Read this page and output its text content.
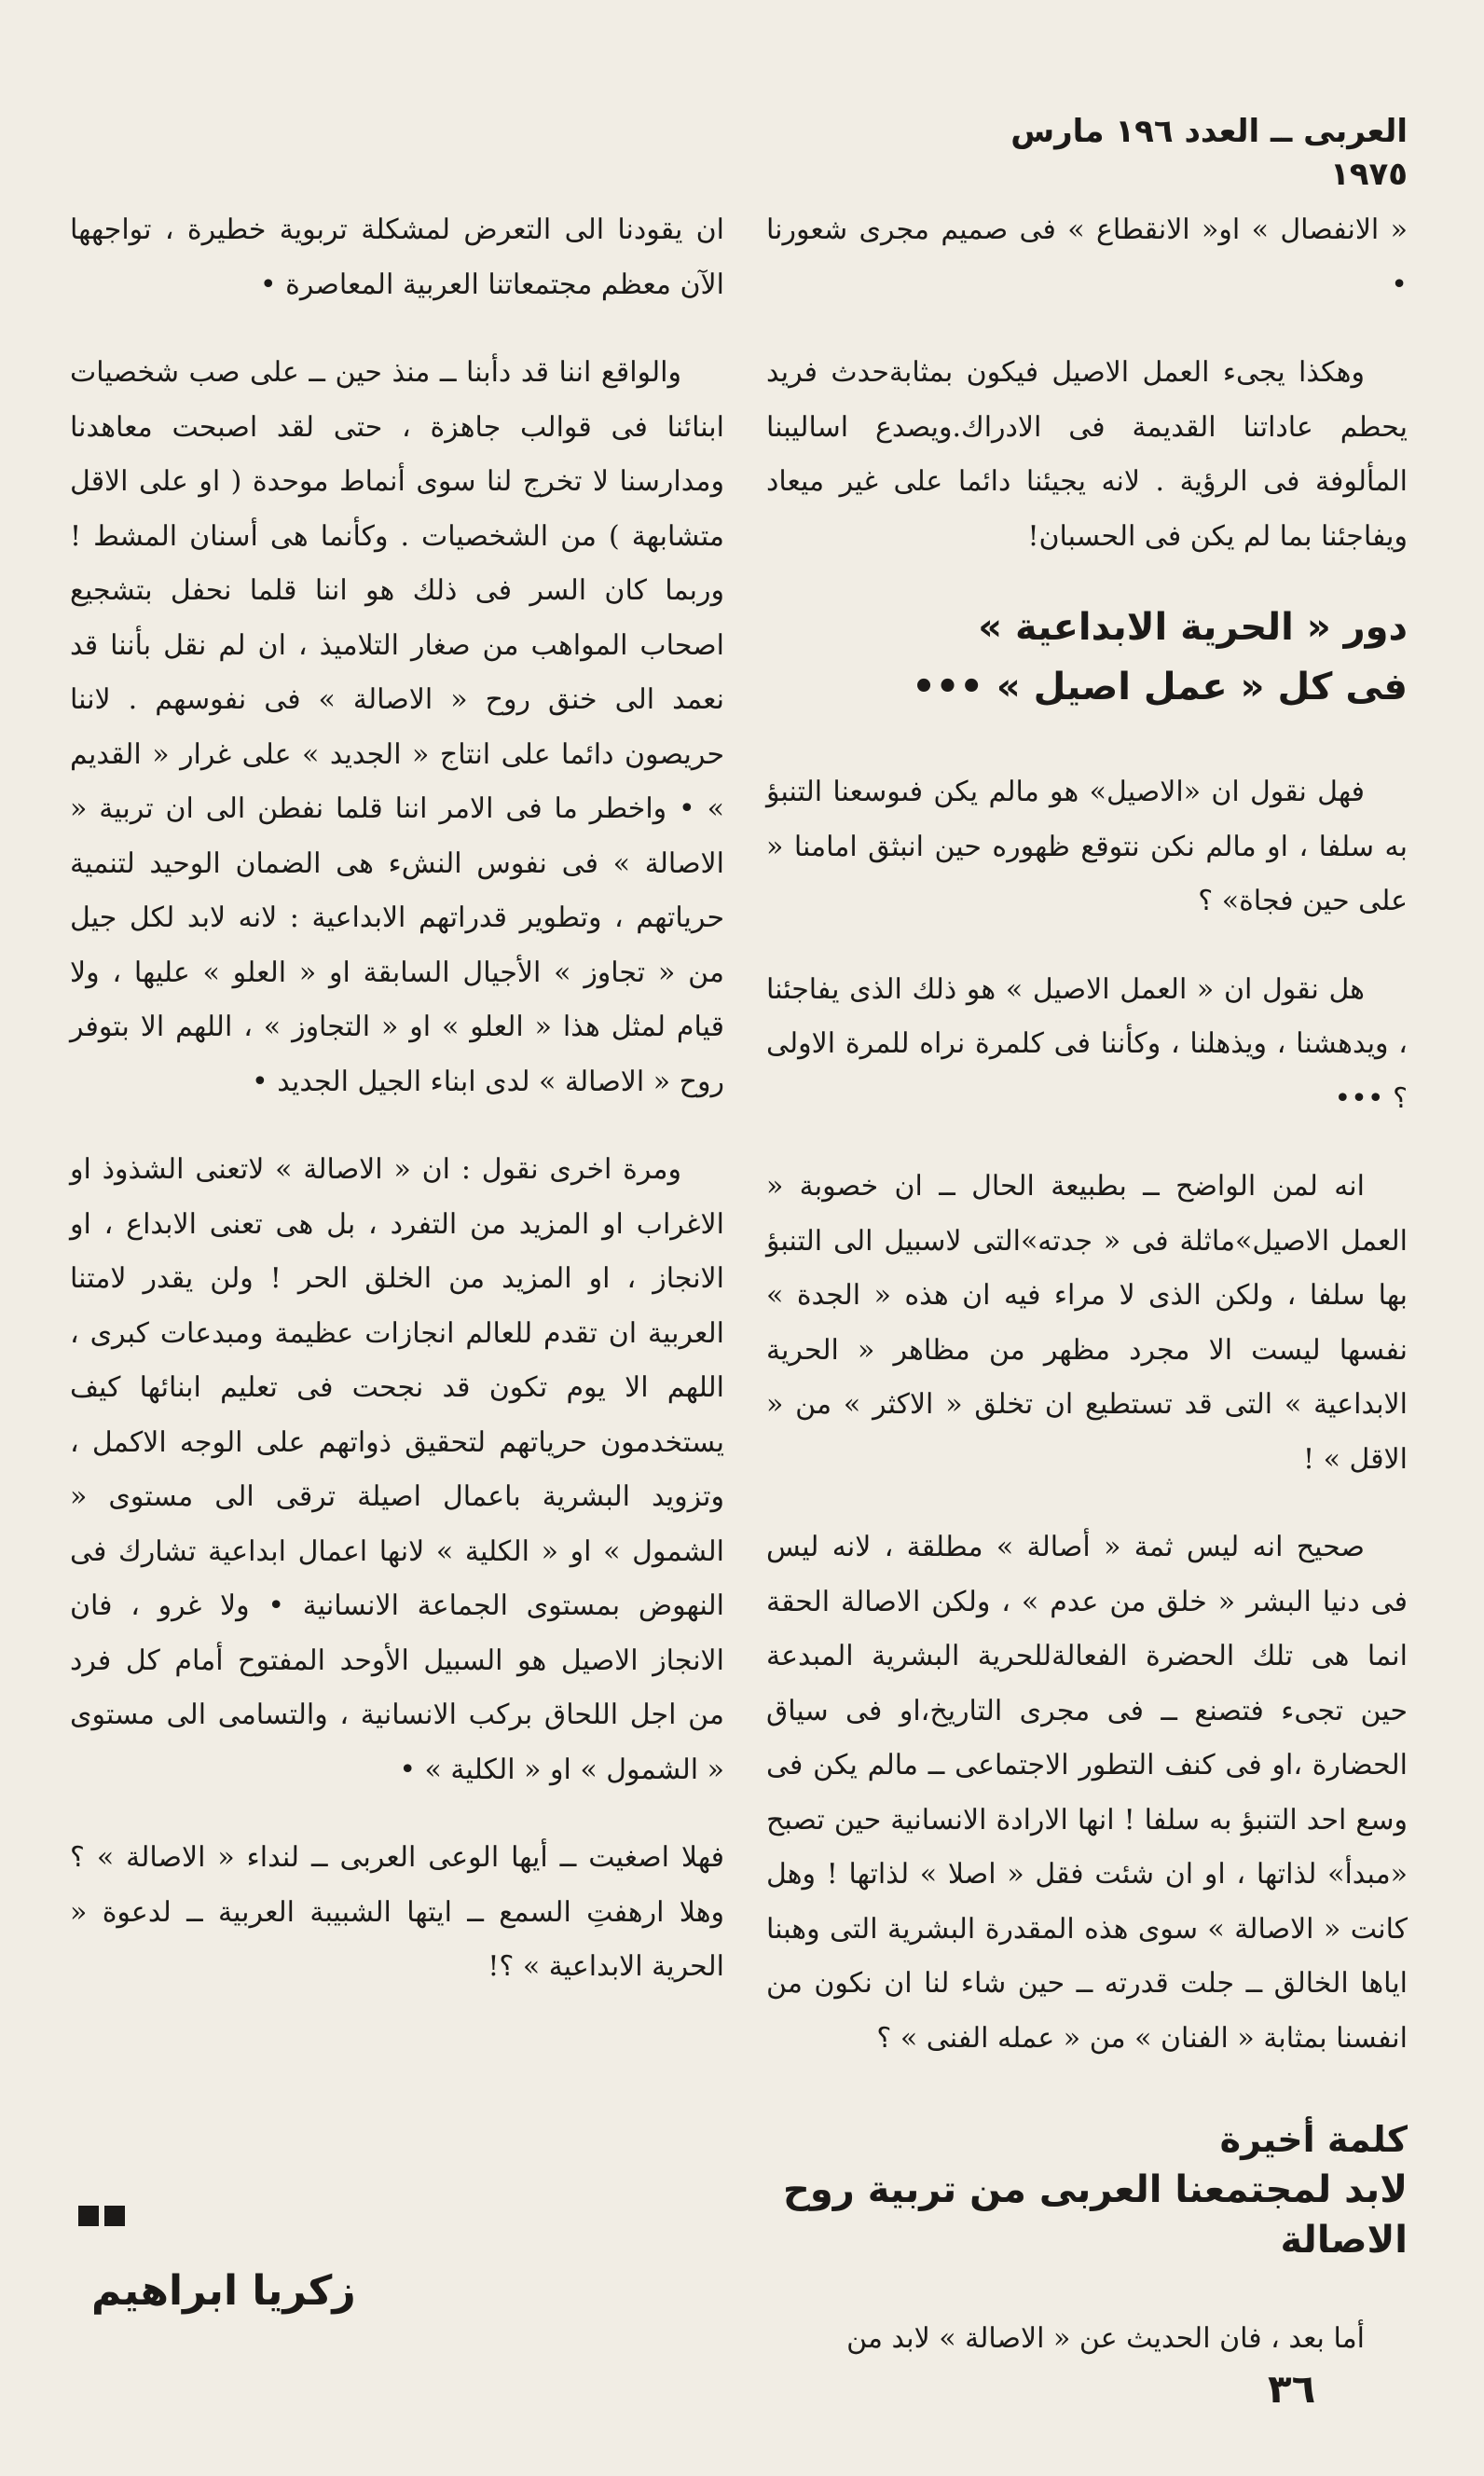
العربى ــ العدد ١٩٦ مارس ١٩٧٥

« الانفصال » او« الانقطاع » فى صميم مجرى شعورنا •

وهكذا يجىء العمل الاصيل فيكون بمثابةحدث فريد يحطم عاداتنا القديمة فى الادراك.ويصدع اساليبنا المألوفة فى الرؤية . لانه يجيئنا دائما على غير ميعاد ويفاجئنا بما لم يكن فى الحسبان!

دور « الحرية الابداعية »
فى كل « عمل اصيل » •••

فهل نقول ان «الاصيل» هو مالم يكن فىوسعنا التنبؤ به سلفا ، او مالم نكن نتوقع ظهوره حين انبثق امامنا « على حين فجاة» ؟

هل نقول ان « العمل الاصيل » هو ذلك الذى يفاجئنا ، ويدهشنا ، ويذهلنا ، وكأننا فى كلمرة نراه للمرة الاولى ؟ •••

انه لمن الواضح ــ بطبيعة الحال ــ ان خصوبة « العمل الاصيل»ماثلة فى « جدته»التى لاسبيل الى التنبؤ بها سلفا ، ولكن الذى لا مراء فيه ان هذه « الجدة » نفسها ليست الا مجرد مظهر من مظاهر « الحرية الابداعية » التى قد تستطيع ان تخلق « الاكثر » من « الاقل » !

صحيح انه ليس ثمة « أصالة » مطلقة ، لانه ليس فى دنيا البشر « خلق من عدم » ، ولكن الاصالة الحقة انما هى تلك الحضرة الفعالةللحرية البشرية المبدعة حين تجىء فتصنع ــ فى مجرى التاريخ،او فى سياق الحضارة ،او فى كنف التطور الاجتماعى ــ مالم يكن فى وسع احد التنبؤ به سلفا ! انها الارادة الانسانية حين تصبح «مبدأ» لذاتها ، او ان شئت فقل « اصلا » لذاتها ! وهل كانت « الاصالة » سوى هذه المقدرة البشرية التى وهبنا اياها الخالق ــ جلت قدرته ــ حين شاء لنا ان نكون من انفسنا بمثابة « الفنان » من « عمله الفنى » ؟

كلمة أخيرة
لابد لمجتمعنا العربى من تربية روح
الاصالة

أما بعد ، فان الحديث عن « الاصالة » لابد من

ان يقودنا الى التعرض لمشكلة تربوية خطيرة ، تواجهها الآن معظم مجتمعاتنا العربية المعاصرة •

والواقع اننا قد دأبنا ــ منذ حين ــ على صب شخصيات ابنائنا فى قوالب جاهزة ، حتى لقد اصبحت معاهدنا ومدارسنا لا تخرج لنا سوى أنماط موحدة ( او على الاقل متشابهة ) من الشخصيات . وكأنما هى أسنان المشط ! وربما كان السر فى ذلك هو اننا قلما نحفل بتشجيع اصحاب المواهب من صغار التلاميذ ، ان لم نقل بأننا قد نعمد الى خنق روح « الاصالة » فى نفوسهم . لاننا حريصون دائما على انتاج « الجديد » على غرار « القديم » • واخطر ما فى الامر اننا قلما نفطن الى ان تربية « الاصالة » فى نفوس النشء هى الضمان الوحيد لتنمية حرياتهم ، وتطوير قدراتهم الابداعية : لانه لابد لكل جيل من « تجاوز » الأجيال السابقة او « العلو » عليها ، ولا قيام لمثل هذا « العلو » او « التجاوز » ، اللهم الا بتوفر روح « الاصالة » لدى ابناء الجيل الجديد •

ومرة اخرى نقول : ان « الاصالة » لاتعنى الشذوذ او الاغراب او المزيد من التفرد ، بل هى تعنى الابداع ، او الانجاز ، او المزيد من الخلق الحر ! ولن يقدر لامتنا العربية ان تقدم للعالم انجازات عظيمة ومبدعات كبرى ، اللهم الا يوم تكون قد نجحت فى تعليم ابنائها كيف يستخدمون حرياتهم لتحقيق ذواتهم على الوجه الاكمل ، وتزويد البشرية باعمال اصيلة ترقى الى مستوى « الشمول » او « الكلية » لانها اعمال ابداعية تشارك فى النهوض بمستوى الجماعة الانسانية • ولا غرو ، فان الانجاز الاصيل هو السبيل الأوحد المفتوح أمام كل فرد من اجل اللحاق بركب الانسانية ، والتسامى الى مستوى « الشمول » او « الكلية » •

فهلا اصغيت ــ أيها الوعى العربى ــ لنداء « الاصالة » ؟ وهلا ارهفتِ السمع ــ ايتها الشبيبة العربية ــ لدعوة « الحرية الابداعية » ؟!

زكريا ابراهيم
٣٦
